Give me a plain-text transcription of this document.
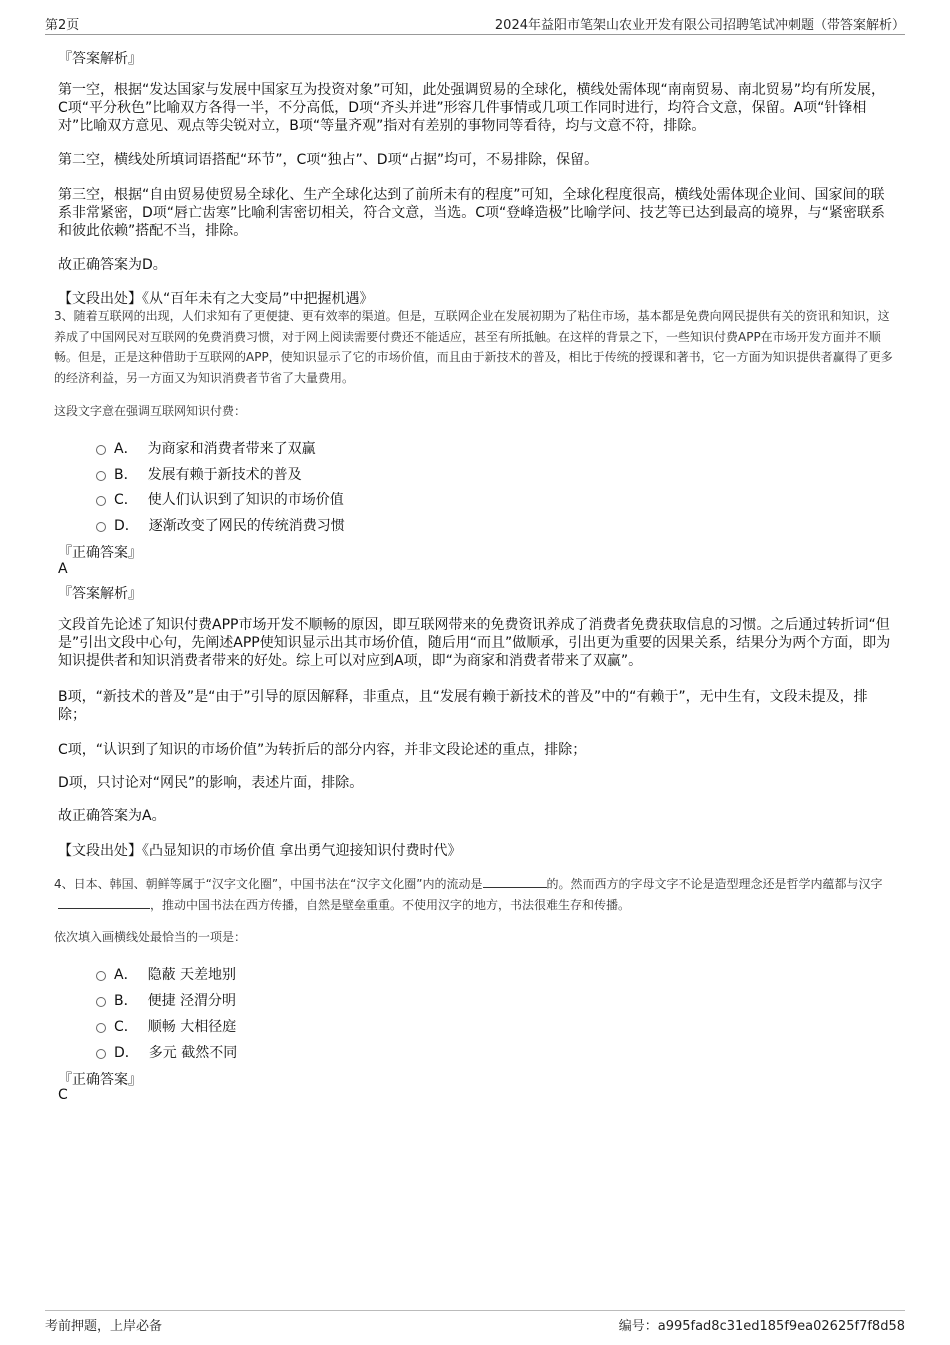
第2页	2024年益阳市笔架山农业开发有限公司招聘笔试冲刺题（带答案解析）
『答案解析』
第一空，根据“发达国家与发展中国家互为投资对象”可知，此处强调贸易的全球化，横线处需体现“南南贸易、南北贸易”均有所发展，C项“平分秋色”比喻双方各得一半，不分高低，D项“齐头并进”形容几件事情或几项工作同时进行，均符合文意，保留。A项“针锋相对”比喻双方意见、观点等尖锐对立，B项“等量齐观”指对有差别的事物同等看待，均与文意不符，排除。
第二空，横线处所填词语搭配“环节”，C项“独占”、D项“占据”均可，不易排除，保留。
第三空，根据“自由贸易使贸易全球化、生产全球化达到了前所未有的程度”可知，全球化程度很高，横线处需体现企业间、国家间的联系非常紧密，D项“唇亡齿寒”比喻利害密切相关，符合文意，当选。C项“登峰造极”比喻学问、技艺等已达到最高的境界，与“紧密联系和彼此依赖”搭配不当，排除。
故正确答案为D。
【文段出处】《从“百年未有之大变局”中把握机遇》
3、随着互联网的出现，人们求知有了更便捷、更有效率的渠道。但是，互联网企业在发展初期为了粘住市场，基本都是免费向网民提供有关的资讯和知识，这养成了中国网民对互联网的免费消费习惯，对于网上阅读需要付费还不能适应，甚至有所抵触。在这样的背景之下，一些知识付费APP在市场开发方面并不顺畅。但是，正是这种借助于互联网的APP，使知识显示了它的市场价值，而且由于新技术的普及，相比于传统的授课和著书，它一方面为知识提供者赢得了更多的经济利益，另一方面又为知识消费者节省了大量费用。
这段文字意在强调互联网知识付费：
A． 为商家和消费者带来了双赢
B． 发展有赖于新技术的普及
C． 使人们认识到了知识的市场价值
D． 逐渐改变了网民的传统消费习惯
『正确答案』
A
『答案解析』
文段首先论述了知识付费APP市场开发不顺畅的原因，即互联网带来的免费资讯养成了消费者免费获取信息的习惯。之后通过转折词“但是”引出文段中心句，先阐述APP使知识显示出其市场价值，随后用“而且”做顺承，引出更为重要的因果关系，结果分为两个方面，即为知识提供者和知识消费者带来的好处。综上可以对应到A项，即“为商家和消费者带来了双赢”。
B项，“新技术的普及”是“由于”引导的原因解释，非重点，且“发展有赖于新技术的普及”中的“有赖于”，无中生有，文段未提及，排除；
C项，“认识到了知识的市场价值”为转折后的部分内容，并非文段论述的重点，排除；
D项，只讨论对“网民”的影响，表述片面，排除。
故正确答案为A。
【文段出处】《凸显知识的市场价值 拿出勇气迎接知识付费时代》
4、日本、韩国、朝鲜等属于“汉字文化圈”，中国书法在“汉字文化圈”内的流动是	的。然而西方的字母文字不论是造型理念还是哲学内蕴都与汉字，推动中国书法在西方传播，自然是壁垒重重。不使用汉字的地方，书法很难生存和传播。
依次填入画横线处最恰当的一项是：
A． 隐蔽 天差地别
B． 便捷 泾渭分明
C． 顺畅 大相径庭
D． 多元 截然不同
『正确答案』
C
考前押题，上岸必备	编号：a995fad8c31ed185f9ea02625f7f8d58
